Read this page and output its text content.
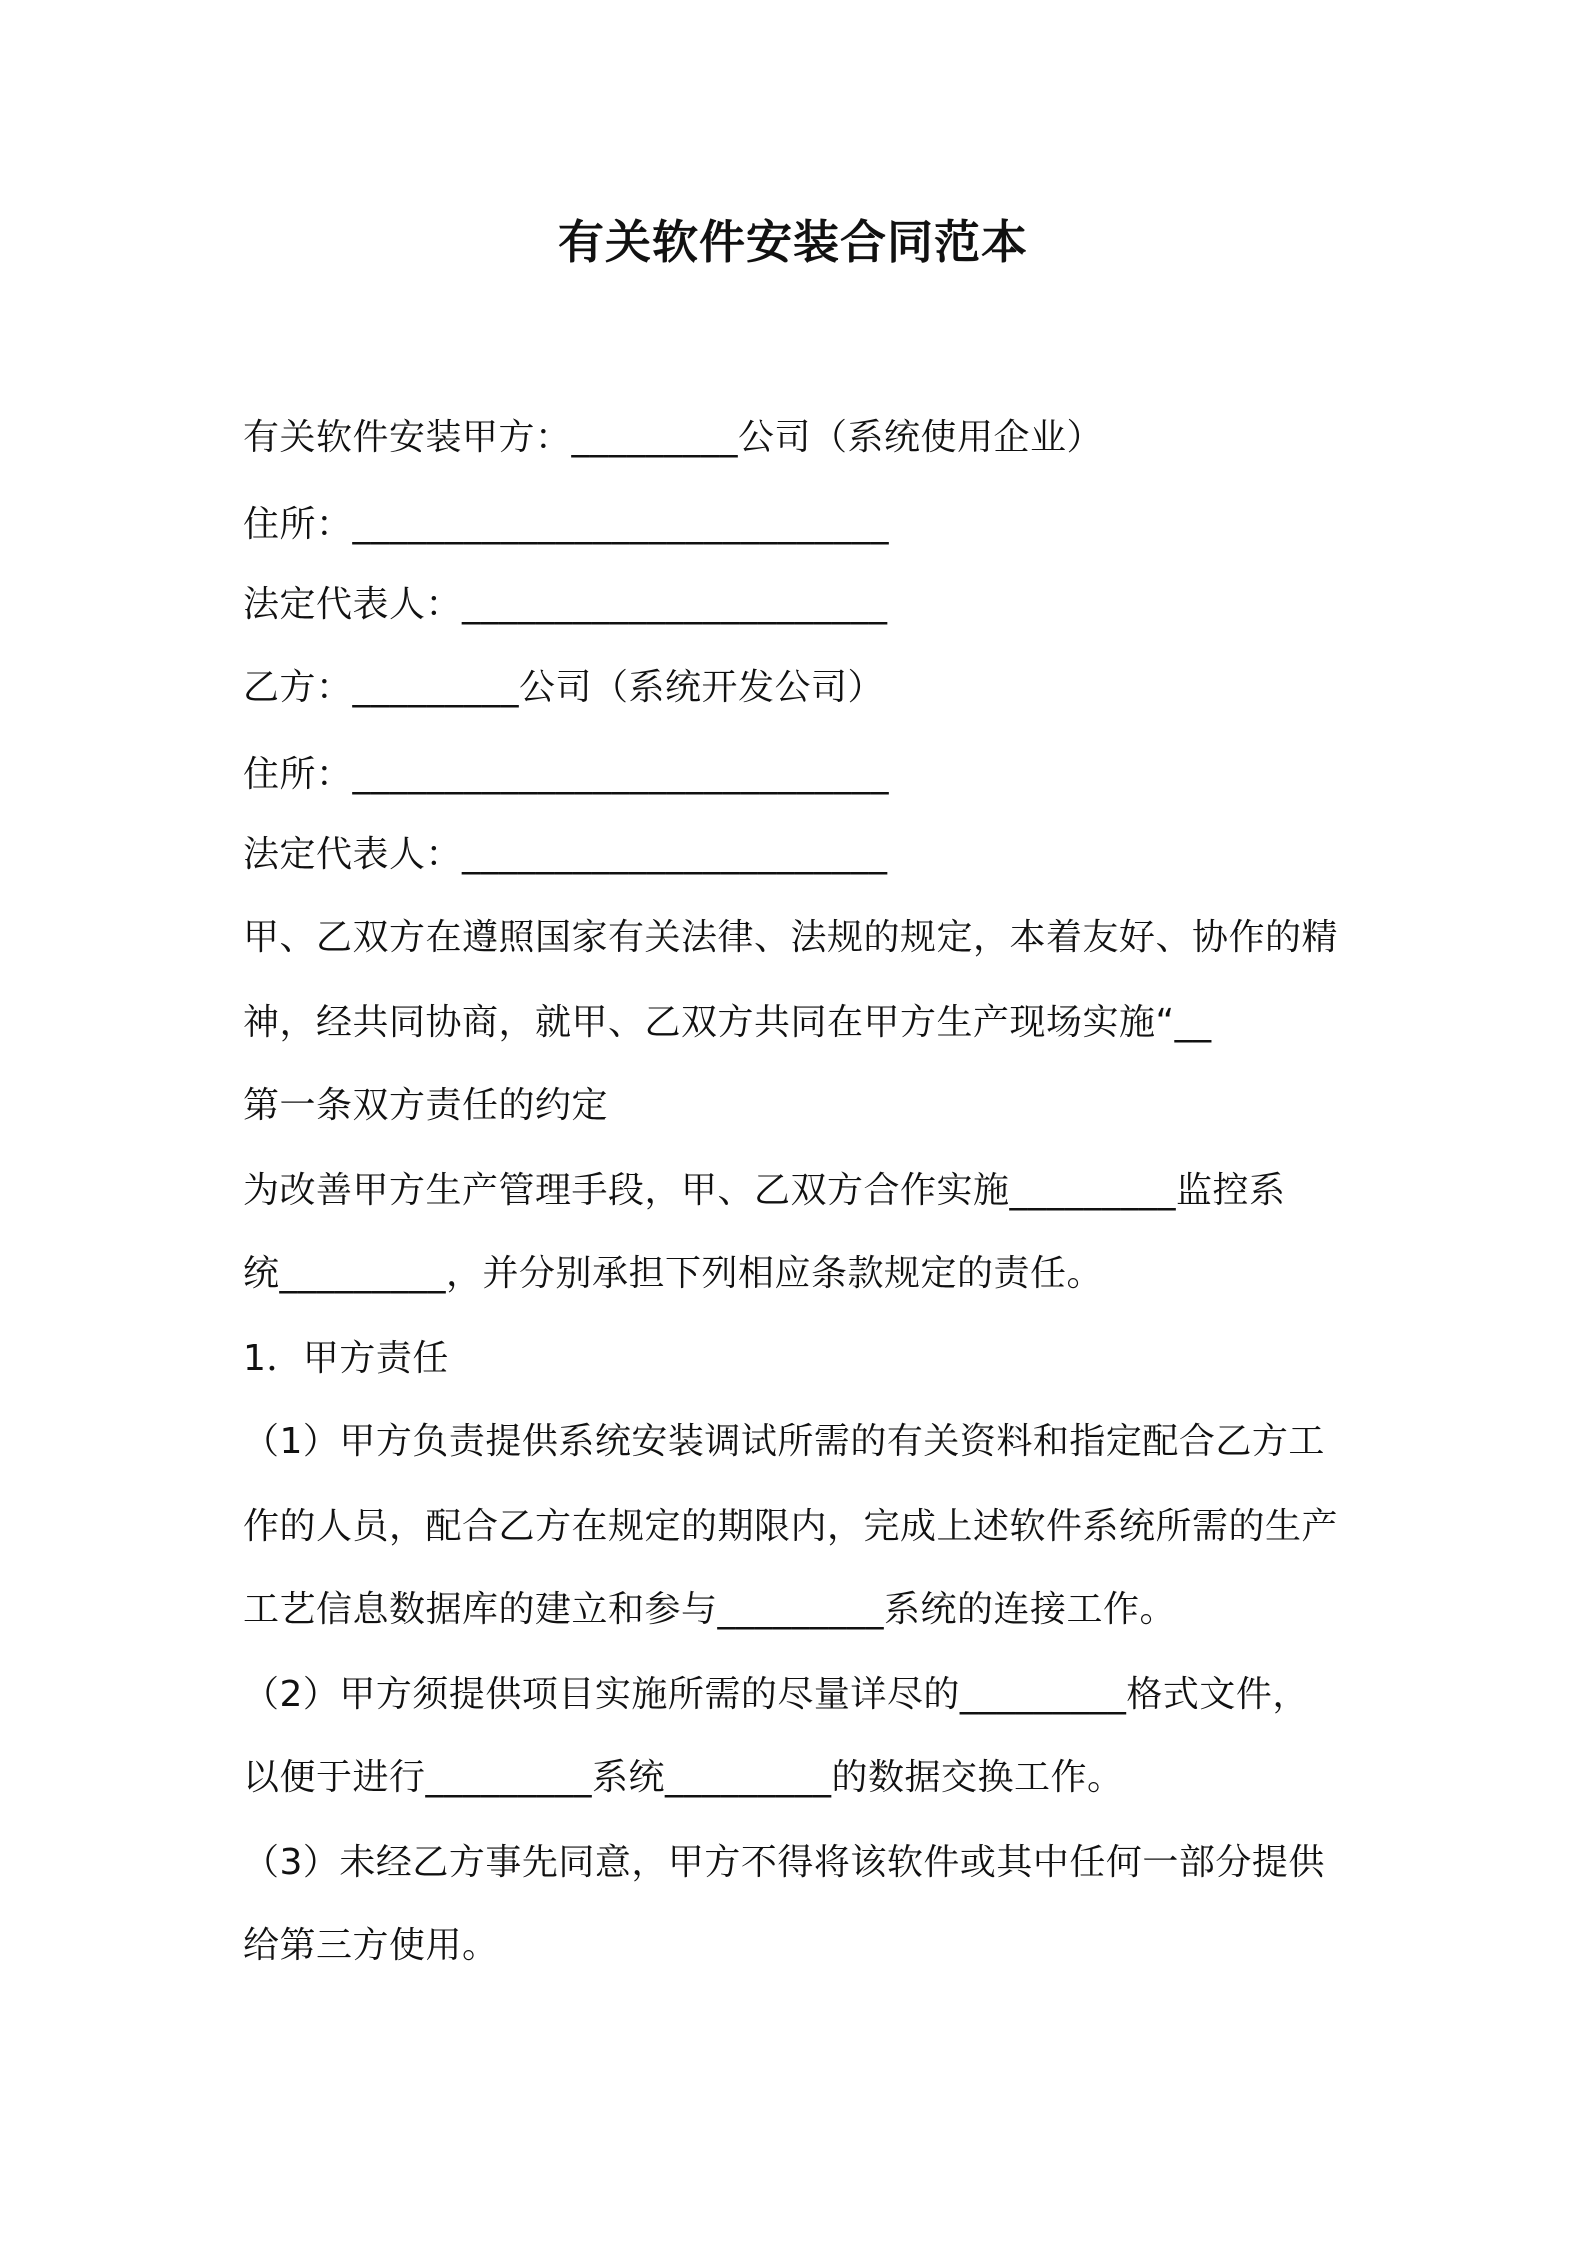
有关软件安装合同范本
有关软件安装甲方：_________公司（系统使用企业）
住所：_____________________________
法定代表人：_______________________
乙方：_________公司（系统开发公司）
住所：_____________________________
法定代表人：_______________________
甲、乙双方在遵照国家有关法律、法规的规定，本着友好、协作的精
神，经共同协商，就甲、乙双方共同在甲方生产现场实施“__
第一条双方责任的约定
为改善甲方生产管理手段，甲、乙双方合作实施_________监控系
统_________，并分别承担下列相应条款规定的责任。
1．甲方责任
（1）甲方负责提供系统安装调试所需的有关资料和指定配合乙方工
作的人员，配合乙方在规定的期限内，完成上述软件系统所需的生产
工艺信息数据库的建立和参与_________系统的连接工作。
（2）甲方须提供项目实施所需的尽量详尽的_________格式文件，
以便于进行_________系统_________的数据交换工作。
（3）未经乙方事先同意，甲方不得将该软件或其中任何一部分提供
给第三方使用。
